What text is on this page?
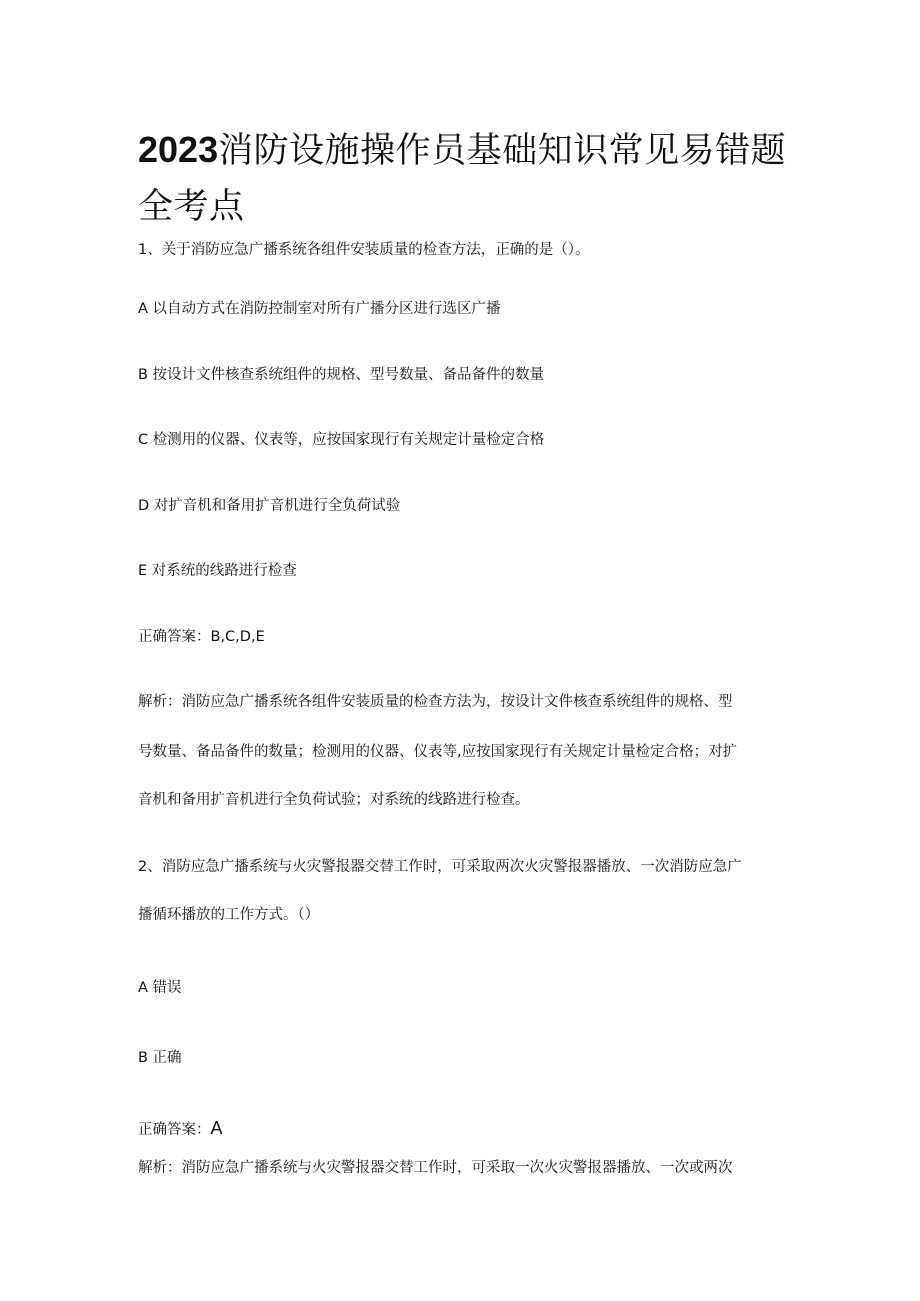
2023消防设施操作员基础知识常见易错题全考点
1、关于消防应急广播系统各组件安装质量的检查方法，正确的是（）。
A 以自动方式在消防控制室对所有广播分区进行选区广播
B 按设计文件核查系统组件的规格、型号数量、备品备件的数量
C 检测用的仪器、仪表等，应按国家现行有关规定计量检定合格
D 对扩音机和备用扩音机进行全负荷试验
E 对系统的线路进行检查
正确答案：B,C,D,E
解析：消防应急广播系统各组件安装质量的检查方法为，按设计文件核查系统组件的规格、型
号数量、备品备件的数量；检测用的仪器、仪表等,应按国家现行有关规定计量检定合格；对扩
音机和备用扩音机进行全负荷试验；对系统的线路进行检查。
2、消防应急广播系统与火灾警报器交替工作时，可采取两次火灾警报器播放、一次消防应急广
播循环播放的工作方式。（）
A 错误
B 正确
正确答案：A
解析：消防应急广播系统与火灾警报器交替工作时，可采取一次火灾警报器播放、一次或两次
